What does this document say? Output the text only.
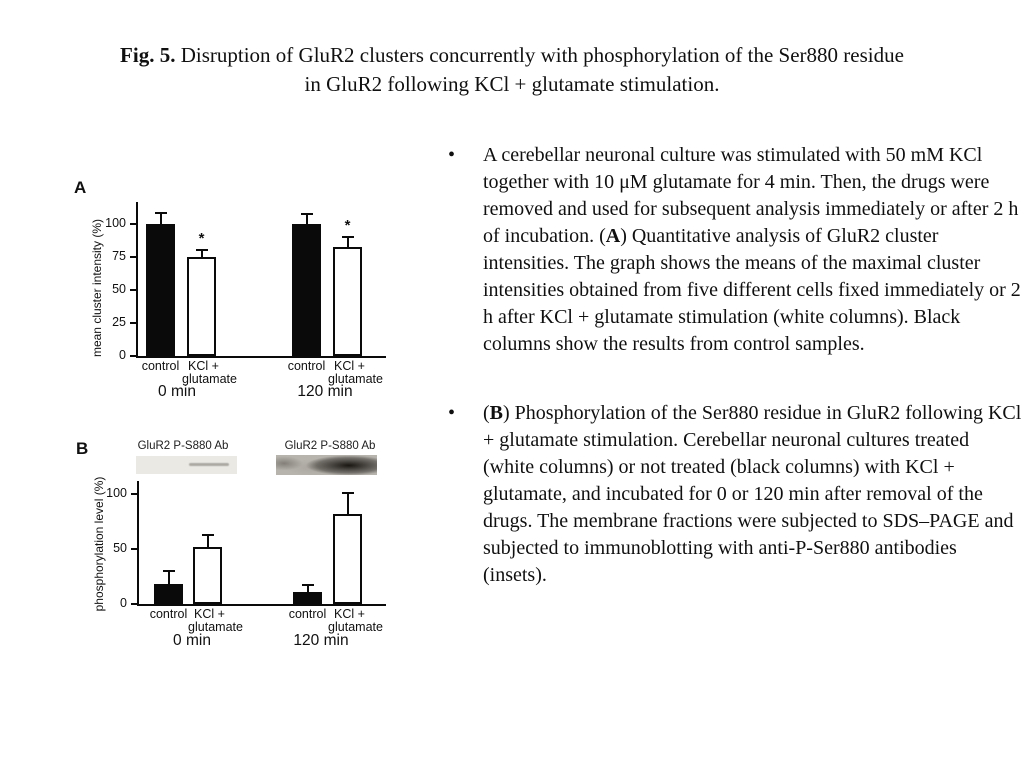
Fig. 5. Disruption of GluR2 clusters concurrently with phosphorylation of the Ser880 residue
in GluR2 following KCl + glutamate stimulation.
A
0
25
50
75
100
mean cluster intensity (%)	*
control KCl +
glutamate
0 min
*
control KCl +
glutamate
120 min
B
0
50
100
phosphorylation level (%)
control KCl +
glutamate
0 min
control KCl +
glutamate
120 min
GluR2 P-S880 Ab	GluR2 P-S880 Ab
•	A cerebellar neuronal culture was stimulated with 50 mM KCl together with 10 μM glutamate for 4 min. Then, the drugs were removed and used for subsequent analysis immediately or after 2 h of incubation. (A) Quantitative analysis of GluR2 cluster intensities. The graph shows the means of the maximal cluster intensities obtained from five different cells fixed immediately or 2 h after KCl + glutamate stimulation (white columns). Black columns show the results from control samples.
•	(B) Phosphorylation of the Ser880 residue in GluR2 following KCl + glutamate stimulation. Cerebellar neuronal cultures treated (white columns) or not treated (black columns) with KCl + glutamate, and incubated for 0 or 120 min after removal of the drugs. The membrane fractions were subjected to SDS–PAGE and subjected to immunoblotting with anti-P-Ser880 antibodies (insets).
